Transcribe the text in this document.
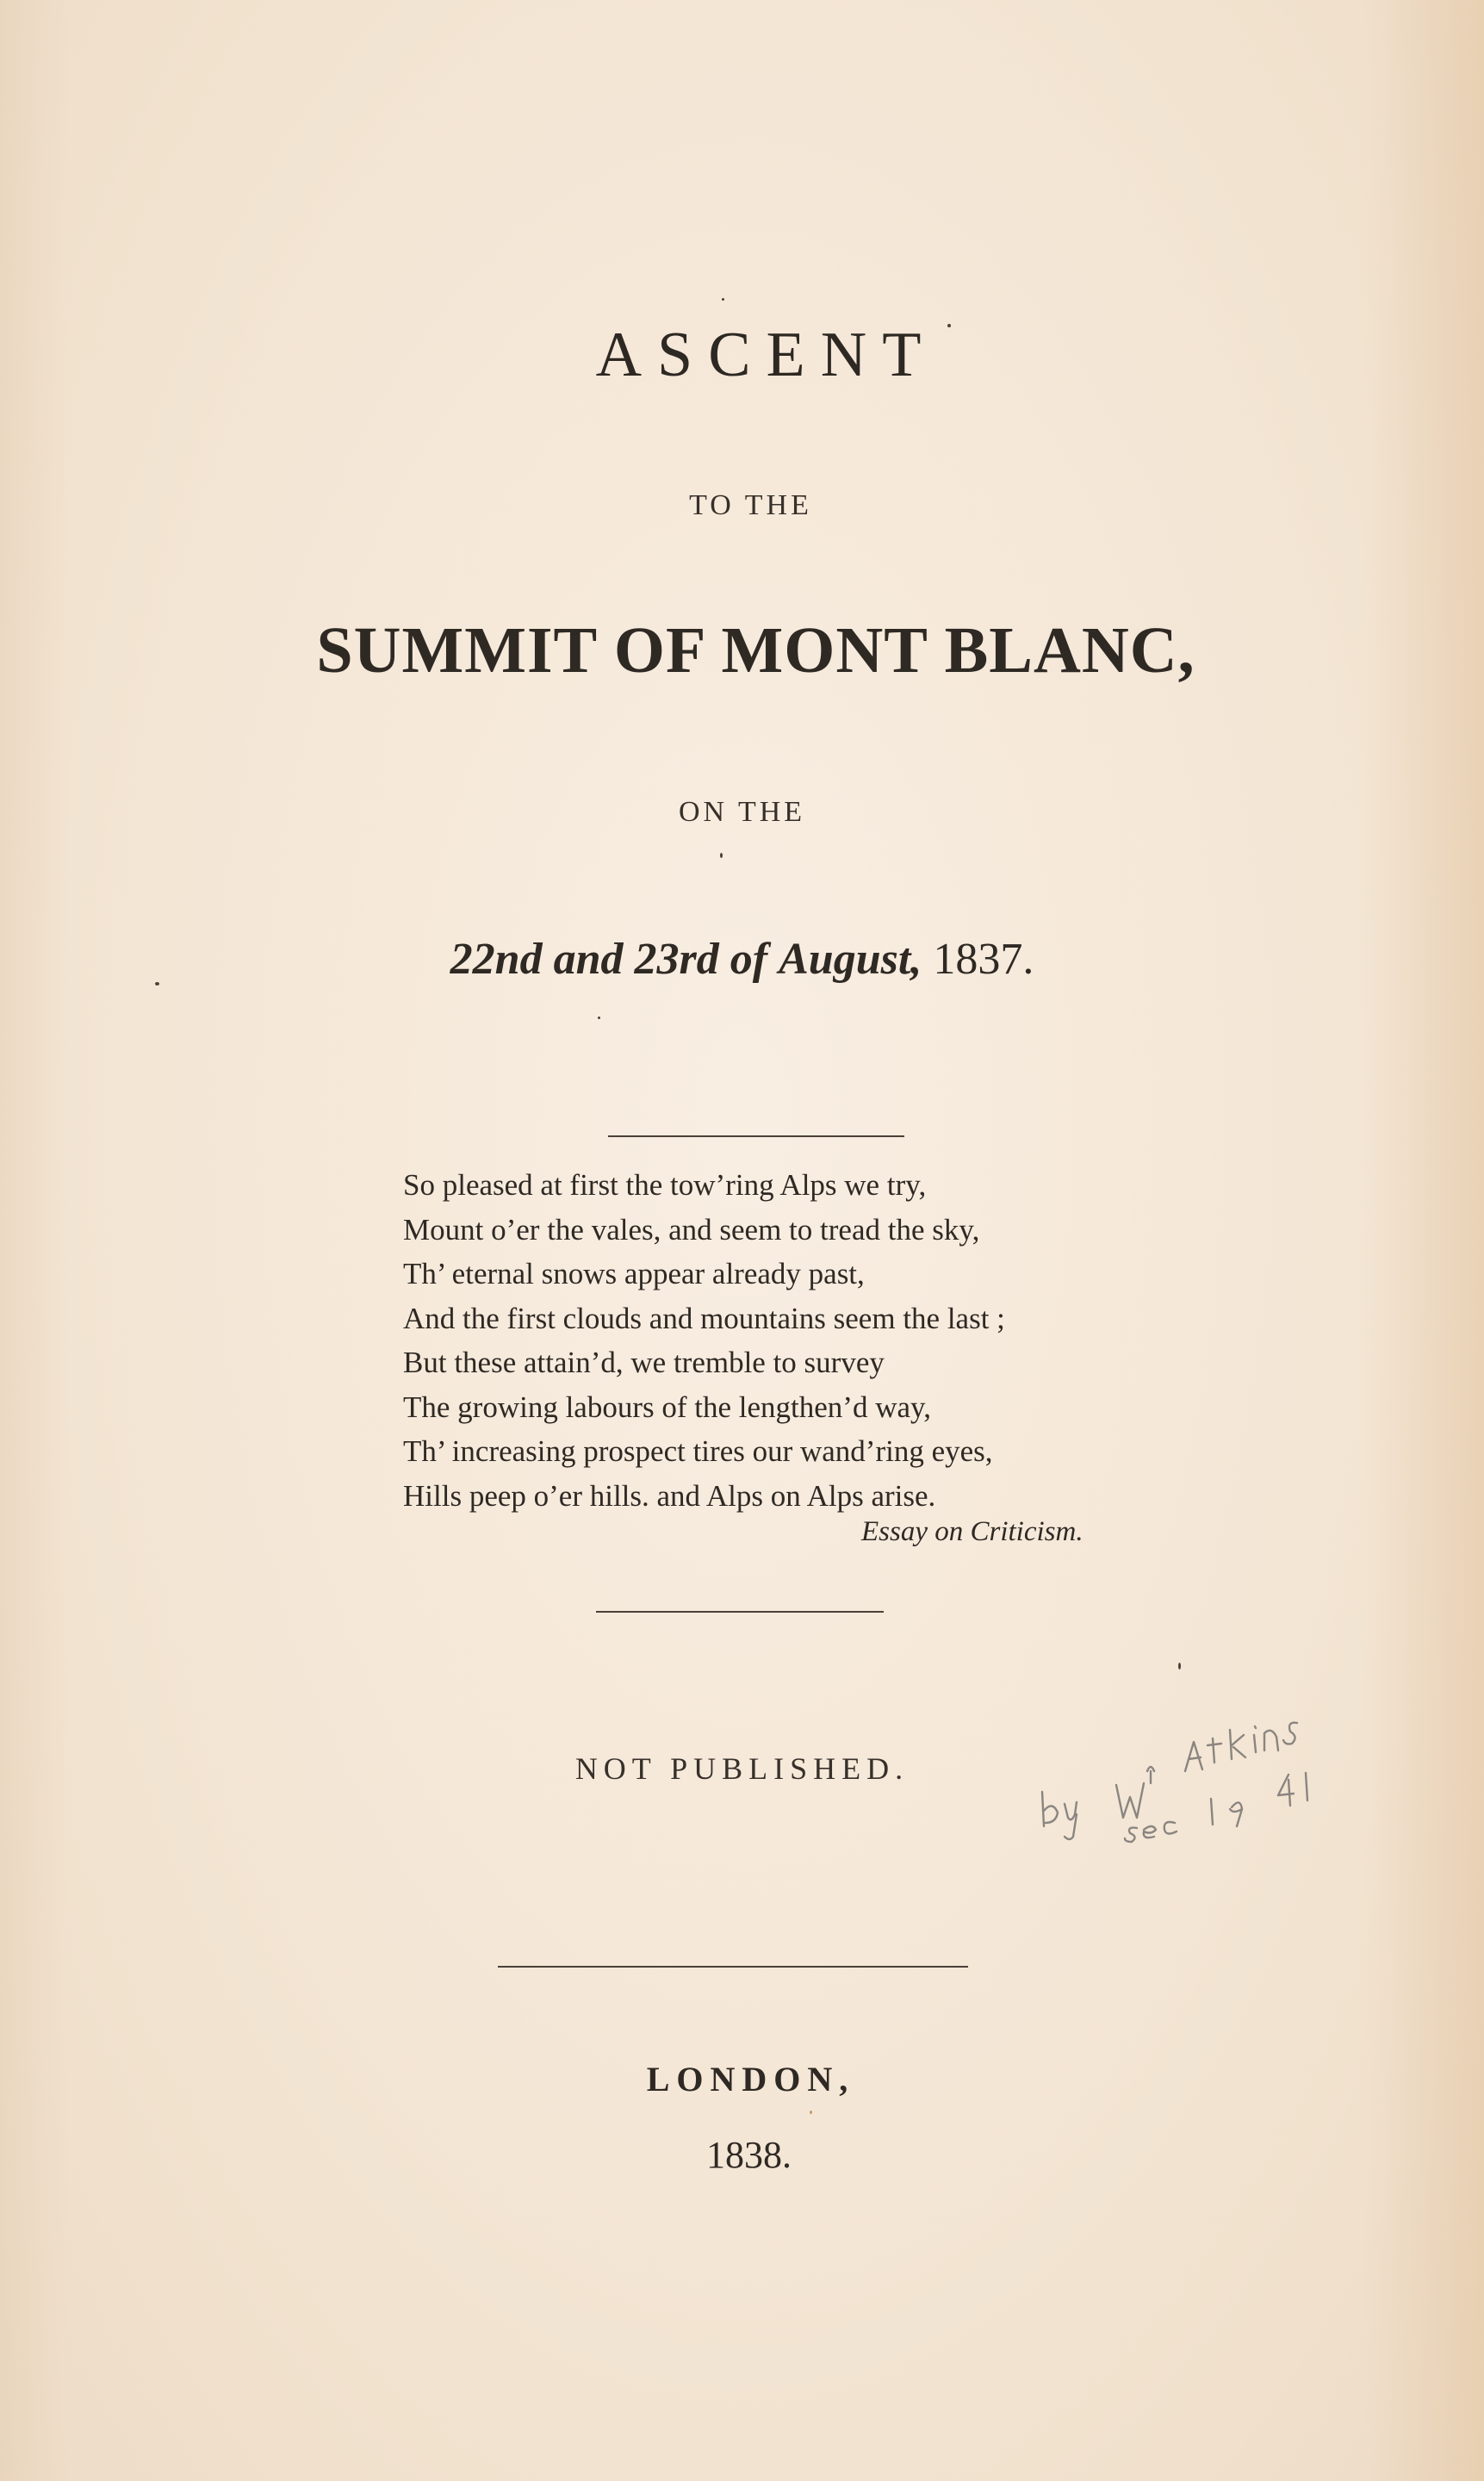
ASCENT
TO THE
SUMMIT OF MONT BLANC,
ON THE
22nd and 23rd of August, 1837.
So pleased at first the tow’ring Alps we try,
Mount o’er the vales, and seem to tread the sky,
Th’ eternal snows appear already past,
And the first clouds and mountains seem the last ;
But these attain’d, we tremble to survey
The growing labours of the lengthen’d way,
Th’ increasing prospect tires our wand’ring eyes,
Hills peep o’er hills. and Alps on Alps arise.
Essay on Criticism.
NOT PUBLISHED.
LONDON,
1838.
